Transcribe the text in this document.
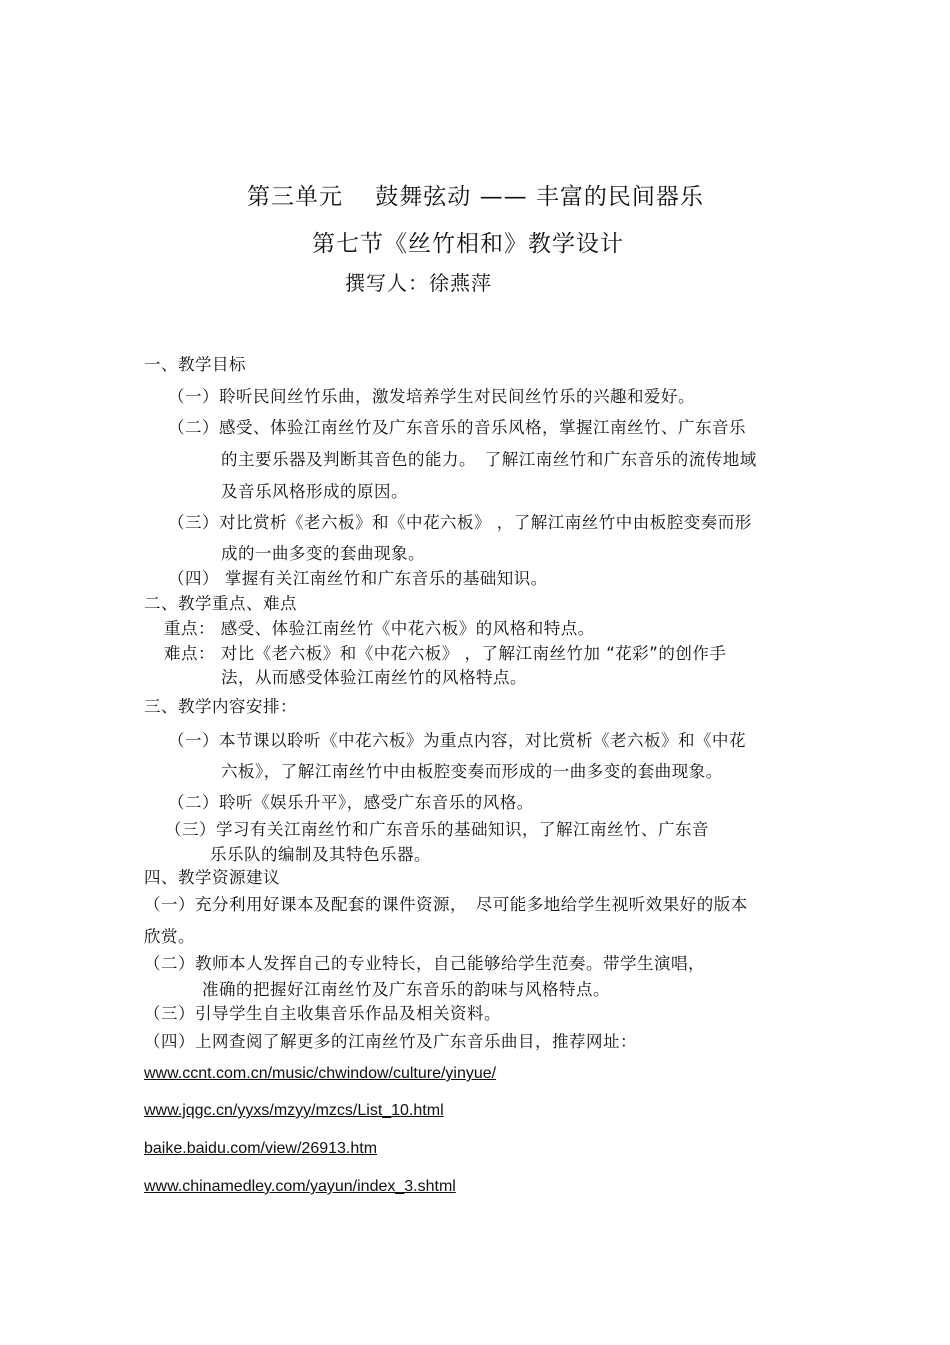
第三单元　 鼓舞弦动 —— 丰富的民间器乐
第七节《丝竹相和》教学设计
撰写人：徐燕萍
一、教学目标
（一）聆听民间丝竹乐曲，激发培养学生对民间丝竹乐的兴趣和爱好。
（二）感受、体验江南丝竹及广东音乐的音乐风格，掌握江南丝竹、广东音乐
的主要乐器及判断其音色的能力。　了解江南丝竹和广东音乐的流传地域
及音乐风格形成的原因。
（三）对比赏析《老六板》和《中花六板》 ，了解江南丝竹中由板腔变奏而形
成的一曲多变的套曲现象。
（四） 掌握有关江南丝竹和广东音乐的基础知识。
二、教学重点、难点
重点： 感受、体验江南丝竹《中花六板》的风格和特点。
难点： 对比《老六板》和《中花六板》 ，了解江南丝竹加 “花彩”的创作手
法，从而感受体验江南丝竹的风格特点。
三、教学内容安排：
（一）本节课以聆听《中花六板》为重点内容，对比赏析《老六板》和《中花
六板》，了解江南丝竹中由板腔变奏而形成的一曲多变的套曲现象。
（二）聆听《娱乐升平》，感受广东音乐的风格。
（三）学习有关江南丝竹和广东音乐的基础知识，了解江南丝竹、广东音
乐乐队的编制及其特色乐器。
四、教学资源建议
（一）充分利用好课本及配套的课件资源，　尽可能多地给学生视听效果好的版本
欣赏。
（二）教师本人发挥自己的专业特长，自己能够给学生范奏。带学生演唱，
准确的把握好江南丝竹及广东音乐的韵味与风格特点。
（三）引导学生自主收集音乐作品及相关资料。
（四）上网查阅了解更多的江南丝竹及广东音乐曲目，推荐网址：
www.ccnt.com.cn/music/chwindow/culture/yinyue/
www.jqgc.cn/yyxs/mzyy/mzcs/List_10.html
baike.baidu.com/view/26913.htm
www.chinamedley.com/yayun/index_3.shtml
